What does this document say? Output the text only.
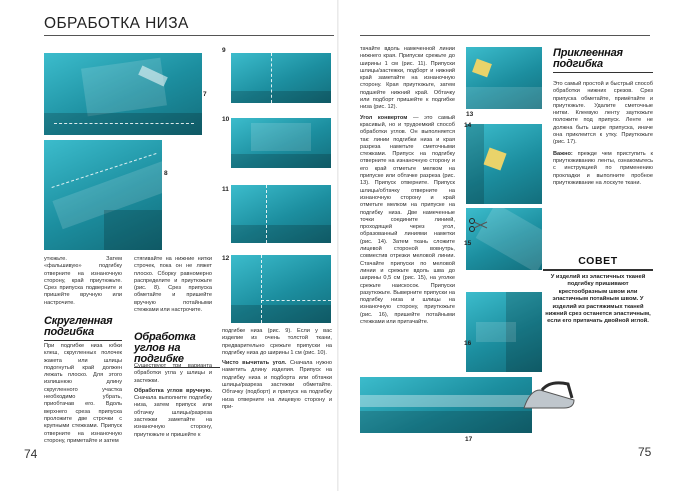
ОБРАБОТКА НИЗА
7
8
9
10
11
12

утюжьте. Затем «фальшивую» подгибку отверните на изнаночную сторону, край приутюжьте. Срез припуска подверните и пришейте вручную или настрочите.

Скругленная подгибка

При подгибке низа юбки клеш, скругленных полочек жакета или шлицы подогнутый край должен лежать плоско. Для этого излишнюю длину скругленного участка необходимо убрать, приобтачав его. Вдоль верхнего среза припуска проложите две строчки с крупными стежками. Припуск отверните на изнаночную сторону, приметайте и затем

стягивайте на нижние нитки строчек, пока он не ляжет плоско. Сборку равномерно распределите и приутюжьте (рис. 8). Срез припуска обметайте и пришейте вручную потайными стежками или настрочите.

Обработка углов на подгибке

Существуют три варианта обработки угла у шлицы и застежки.

Обработка углов вручную. Сначала выполните подгибку низа, затем припуск или обтачку шлицы/разреза застежки заметайте на изнаночную сторону, приутюжьте и пришейте к

подгибке низа (рис. 9). Если у вас изделие из очень толстой ткани, предварительно срежьте припуски на подгибку низа до ширины 1 см (рис. 10).

Чисто вычитать угол. Сначала нужно наметить длину изделия. Припуск на подгибку низа и подборта или обтачки шлицы/разреза застежки обметайте. Обтачку (подборт) и припуск на подгибку низа отверните на лицевую сторону и при-

74

тачайте вдоль намеченной линии нижнего края. Припуски срежьте до ширины 1 см (рис. 11). Припуски шлицы/застежки, подборт и нижний край заметайте на изнаночную сторону. Края приутюжьте, затем подшейте нижний край. Обтачку или подборт пришейте к подгибке низа (рис. 12).

Угол конвертом — это самый красивый, но и трудоемкий способ обработки углов. Он выполняется так: линии подгибки низа и края разреза наметьте сметочными стежками. Припуск на подгибку отверните на изнаночную сторону и его край отметьте мелком на припуске или обтачке разреза (рис. 13). Припуск отверните. Припуск шлицы/обтачку отверните на изнаночную сторону и край отметьте мелком на припуске на подгибку низа. Две намеченные точки соедините линией, проходящей через угол, образованный линиями наметки (рис. 14). Затем ткань сложите лицевой стороной вовнутрь, совместив отрезки меловой линии. Стачайте припуски по меловой линии и срежьте вдоль шва до ширины 0,5 см (рис. 15), на уголке срежьте наискосок. Припуски разутюжьте. Выверните припуски на подгибку низа и шлицы на изнаночную сторону, приутюжьте (рис. 16), пришейте потайными стежками или притачайте.

13
14
15
16
17
Приклеенная подгибка

Это самый простой и быстрый способ обработки нижних срезов. Срез припуска обметайте, примётайте и приутюжьте. Удалите сметочные нитки. Клеевую ленту заутюжьте положите под припуск. Ленте не должна быть шире припуска, иначе она приклеится к утку. Приутюжьте (рис. 17).

Важно: прежде чем приступить к приутюживанию ленты, ознакомьтесь с инструкцией по применению прокладки и выполните пробное приутюживание на лоскуте ткани.

СОВЕТ
У изделий из эластичных тканей подгибку пришивают крестообразным швом или эластичным потайным швом. У изделий из растяжимых тканей нижний срез останется эластичным, если его притачать двойной иглой.
75
